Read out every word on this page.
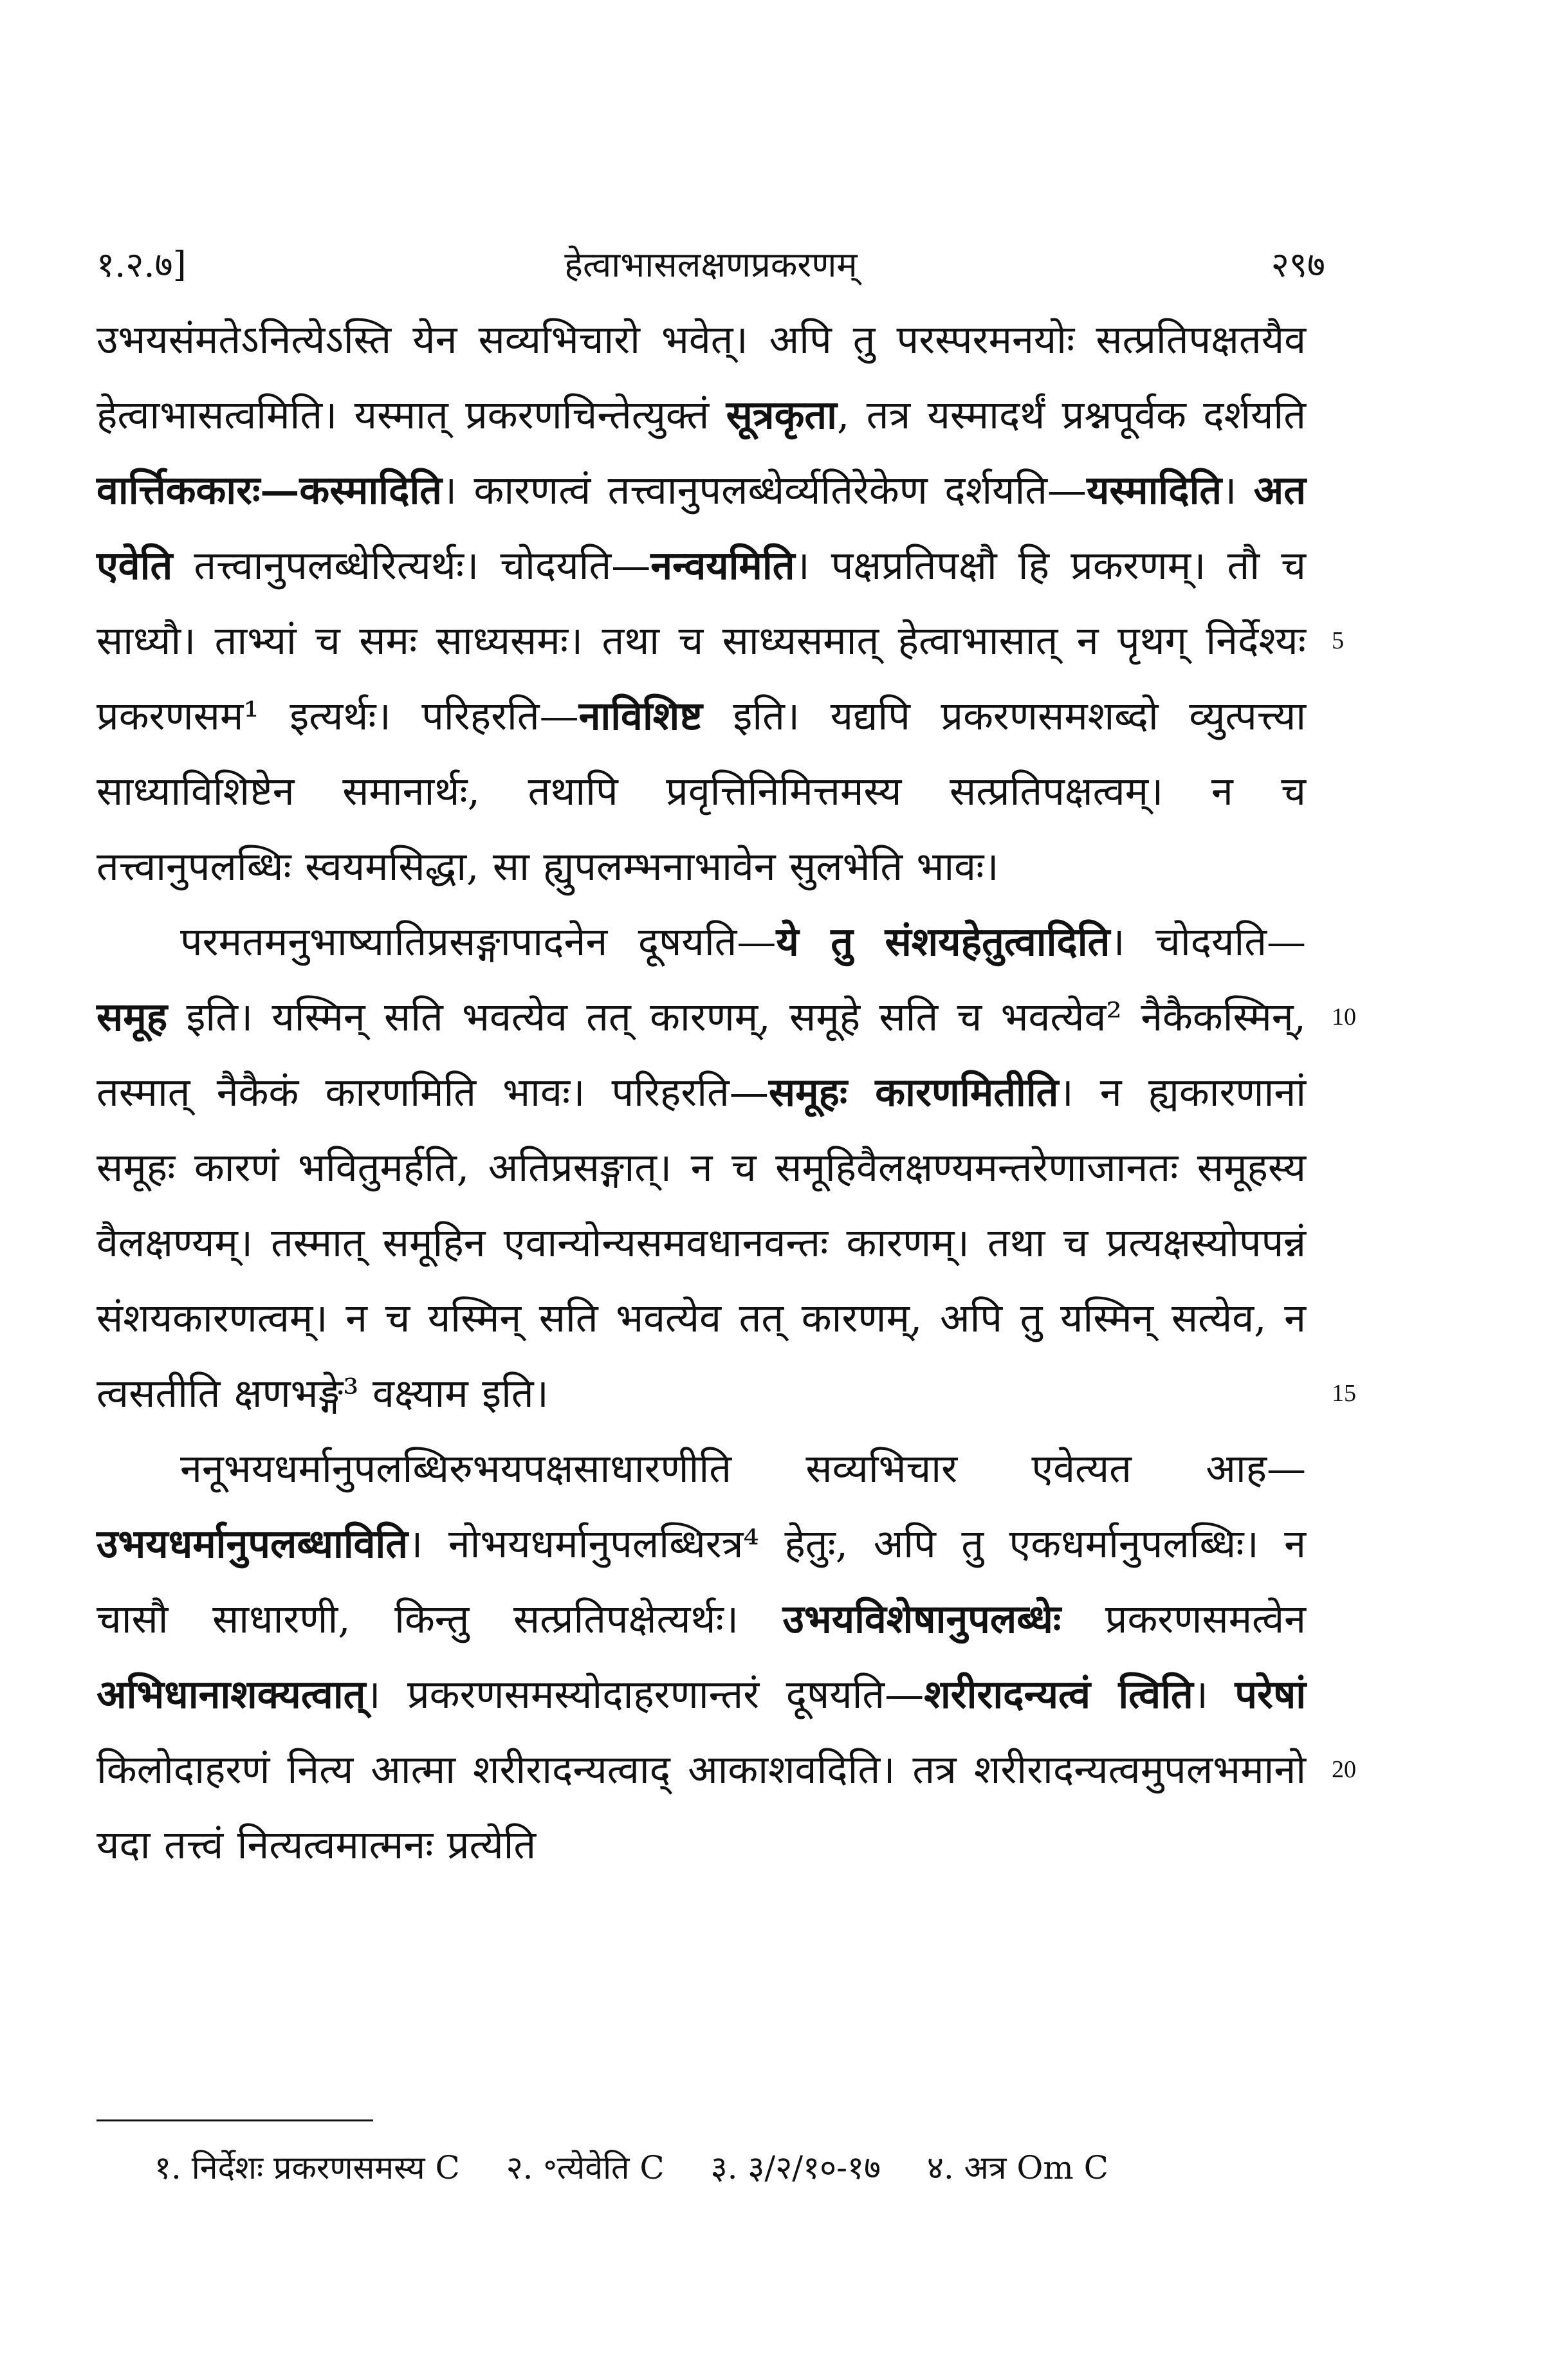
१.२.७]	हेत्वाभासलक्षणप्रकरणम्	२९७

उभयसंमतेऽनित्येऽस्ति येन सव्यभिचारो भवेत्। अपि तु परस्परमनयोः सत्प्रतिपक्षतयैव हेत्वाभासत्वमिति। यस्मात् प्रकरणचिन्तेत्युक्तं सूत्रकृता, तत्र यस्मादर्थं प्रश्नपूर्वक दर्शयति वार्त्तिककारः—कस्मादिति। कारणत्वं तत्त्वानुपलब्धेर्व्यतिरेकेण दर्शयति—यस्मादिति। अत एवेति तत्त्वानुपलब्धेरित्यर्थः। चोदयति—नन्वयमिति। पक्षप्रतिपक्षौ हि प्रकरणम्। तौ च साध्यौ। ताभ्यां च समः साध्यसमः। तथा च साध्यसमात् हेत्वाभासात् न पृथग् निर्देश्यः प्रकरणसम¹ इत्यर्थः। परिहरति—नाविशिष्ट इति। यद्यपि प्रकरणसमशब्दो व्युत्पत्त्या साध्याविशिष्टेन समानार्थः, तथापि प्रवृत्तिनिमित्तमस्य सत्प्रतिपक्षत्वम्। न च तत्त्वानुपलब्धिः स्वयमसिद्धा, सा ह्युपलम्भनाभावेन सुलभेति भावः।

परमतमनुभाष्यातिप्रसङ्गापादनेन दूषयति—ये तु संशयहेतुत्वादिति। चोदयति—समूह इति। यस्मिन् सति भवत्येव तत् कारणम्, समूहे सति च भवत्येव² नैकैकस्मिन्, तस्मात् नैकैकं कारणमिति भावः। परिहरति—समूहः कारणमितीति। न ह्यकारणानां समूहः कारणं भवितुमर्हति, अतिप्रसङ्गात्। न च समूहिवैलक्षण्यमन्तरेणाजानतः समूहस्य वैलक्षण्यम्। तस्मात् समूहिन एवान्योन्यसमवधानवन्तः कारणम्। तथा च प्रत्यक्षस्योपपन्नं संशयकारणत्वम्। न च यस्मिन् सति भवत्येव तत् कारणम्, अपि तु यस्मिन् सत्येव, न त्वसतीति क्षणभङ्गे³ वक्ष्याम इति।

ननूभयधर्मानुपलब्धिरुभयपक्षसाधारणीति सव्यभिचार एवेत्यत आह—उभयधर्मानुपलब्धाविति। नोभयधर्मानुपलब्धिरत्र⁴ हेतुः, अपि तु एकधर्मानुपलब्धिः। न चासौ साधारणी, किन्तु सत्प्रतिपक्षेत्यर्थः। उभयविशेषानुपलब्धेः प्रकरणसमत्वेन अभिधानाशक्यत्वात्। प्रकरणसमस्योदाहरणान्तरं दूषयति—शरीरादन्यत्वं त्विति। परेषां किलोदाहरणं नित्य आत्मा शरीरादन्यत्वाद् आकाशवदिति। तत्र शरीरादन्यत्वमुपलभमानो यदा तत्त्वं नित्यत्वमात्मनः प्रत्येति

5
10
15
20
१. निर्देशः प्रकरणसमस्य C २. ॰त्येवेति C ३. ३/२/१०-१७ ४. अत्र Om C
